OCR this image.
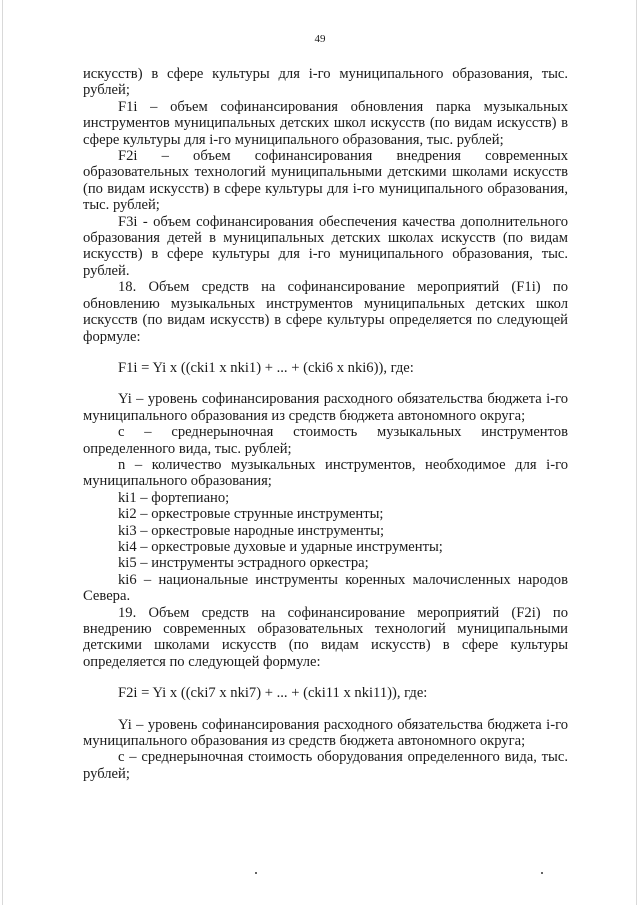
49

искусств) в сфере культуры для i-го муниципального образования, тыс. рублей;

F1i – объем софинансирования обновления парка музыкальных инструментов муниципальных детских школ искусств (по видам искусств) в сфере культуры для i-го муниципального образования, тыс. рублей;

F2i – объем софинансирования внедрения современных образовательных технологий муниципальными детскими школами искусств (по видам искусств) в сфере культуры для i-го муниципального образования, тыс. рублей;

F3i - объем софинансирования обеспечения качества дополнительного образования детей в муниципальных детских школах искусств (по видам искусств) в сфере культуры для i-го муниципального образования, тыс. рублей.

18. Объем средств на софинансирование мероприятий (F1i) по обновлению музыкальных инструментов муниципальных детских школ искусств (по видам искусств) в сфере культуры определяется по следующей формуле:

F1i = Yi x ((cki1 x nki1) + ... + (cki6 x nki6)), где:

Yi – уровень софинансирования расходного обязательства бюджета i-го муниципального образования из средств бюджета автономного округа;

c – среднерыночная стоимость музыкальных инструментов определенного вида, тыс. рублей;

n – количество музыкальных инструментов, необходимое для i-го муниципального образования;

ki1 – фортепиано;

ki2 – оркестровые струнные инструменты;

ki3 – оркестровые народные инструменты;

ki4 – оркестровые духовые и ударные инструменты;

ki5 – инструменты эстрадного оркестра;

ki6 – национальные инструменты коренных малочисленных народов Севера.

19. Объем средств на софинансирование мероприятий (F2i) по внедрению современных образовательных технологий муниципальными детскими школами искусств (по видам искусств) в сфере культуры определяется по следующей формуле:

F2i = Yi x ((cki7 x nki7) + ... + (cki11 x nki11)), где:

Yi – уровень софинансирования расходного обязательства бюджета i-го муниципального образования из средств бюджета автономного округа;

c – среднерыночная стоимость оборудования определенного вида, тыс. рублей;
